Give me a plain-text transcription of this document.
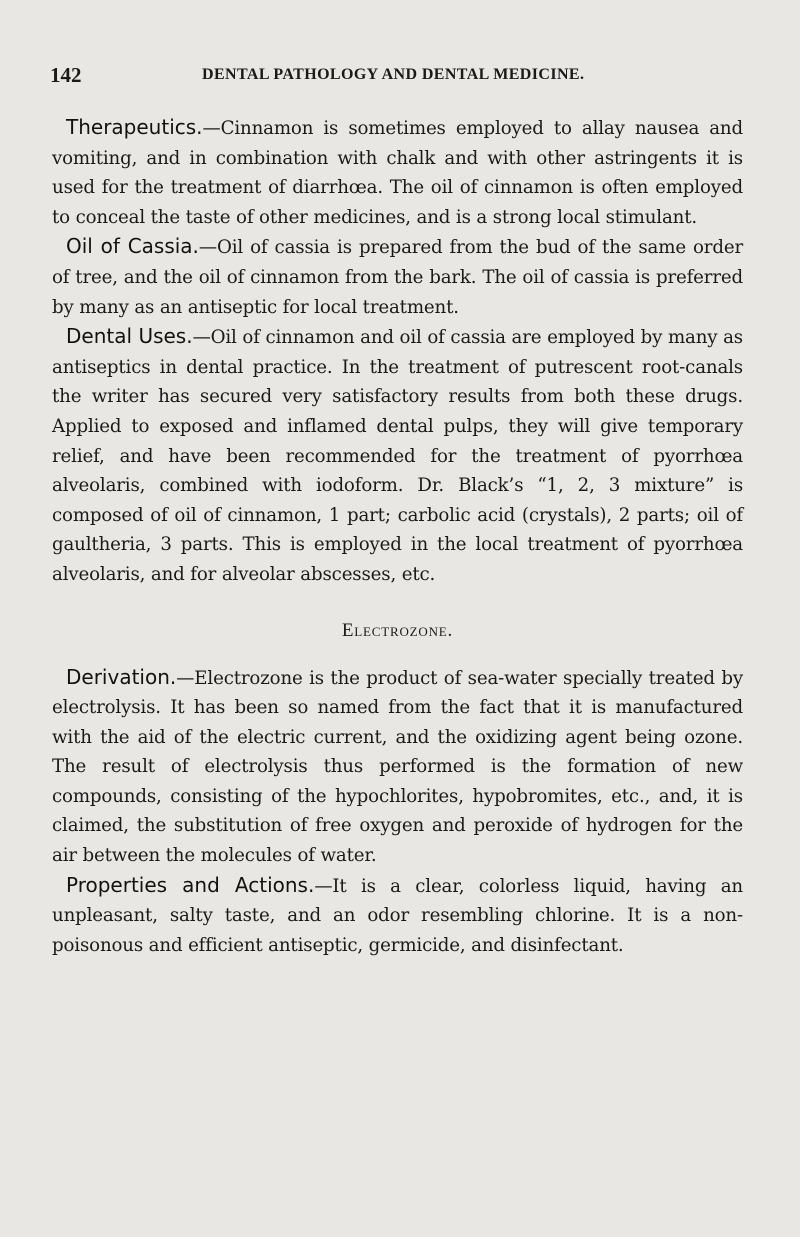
142	DENTAL PATHOLOGY AND DENTAL MEDICINE.

Therapeutics.—Cinnamon is sometimes employed to allay nausea and vomiting, and in combination with chalk and with other astringents it is used for the treatment of diarrhœa. The oil of cinnamon is often employed to conceal the taste of other medicines, and is a strong local stimulant.

Oil of Cassia.—Oil of cassia is prepared from the bud of the same order of tree, and the oil of cinnamon from the bark. The oil of cassia is preferred by many as an antiseptic for local treatment.

Dental Uses.—Oil of cinnamon and oil of cassia are employed by many as antiseptics in dental practice. In the treatment of putrescent root-canals the writer has secured very satisfactory results from both these drugs. Applied to exposed and inflamed dental pulps, they will give temporary relief, and have been recommended for the treatment of pyorrhœa alveolaris, combined with iodoform. Dr. Black’s “1, 2, 3 mixture” is composed of oil of cinnamon, 1 part; carbolic acid (crystals), 2 parts; oil of gaultheria, 3 parts. This is employed in the local treatment of pyorrhœa alveolaris, and for alveolar abscesses, etc.

Electrozone.

Derivation.—Electrozone is the product of sea-water specially treated by electrolysis. It has been so named from the fact that it is manufactured with the aid of the electric current, and the oxidizing agent being ozone. The result of electrolysis thus performed is the formation of new compounds, consisting of the hypochlorites, hypobromites, etc., and, it is claimed, the substitution of free oxygen and peroxide of hydrogen for the air between the molecules of water.

Properties and Actions.—It is a clear, colorless liquid, having an unpleasant, salty taste, and an odor resembling chlorine. It is a non-poisonous and efficient antiseptic, germicide, and disinfectant.
